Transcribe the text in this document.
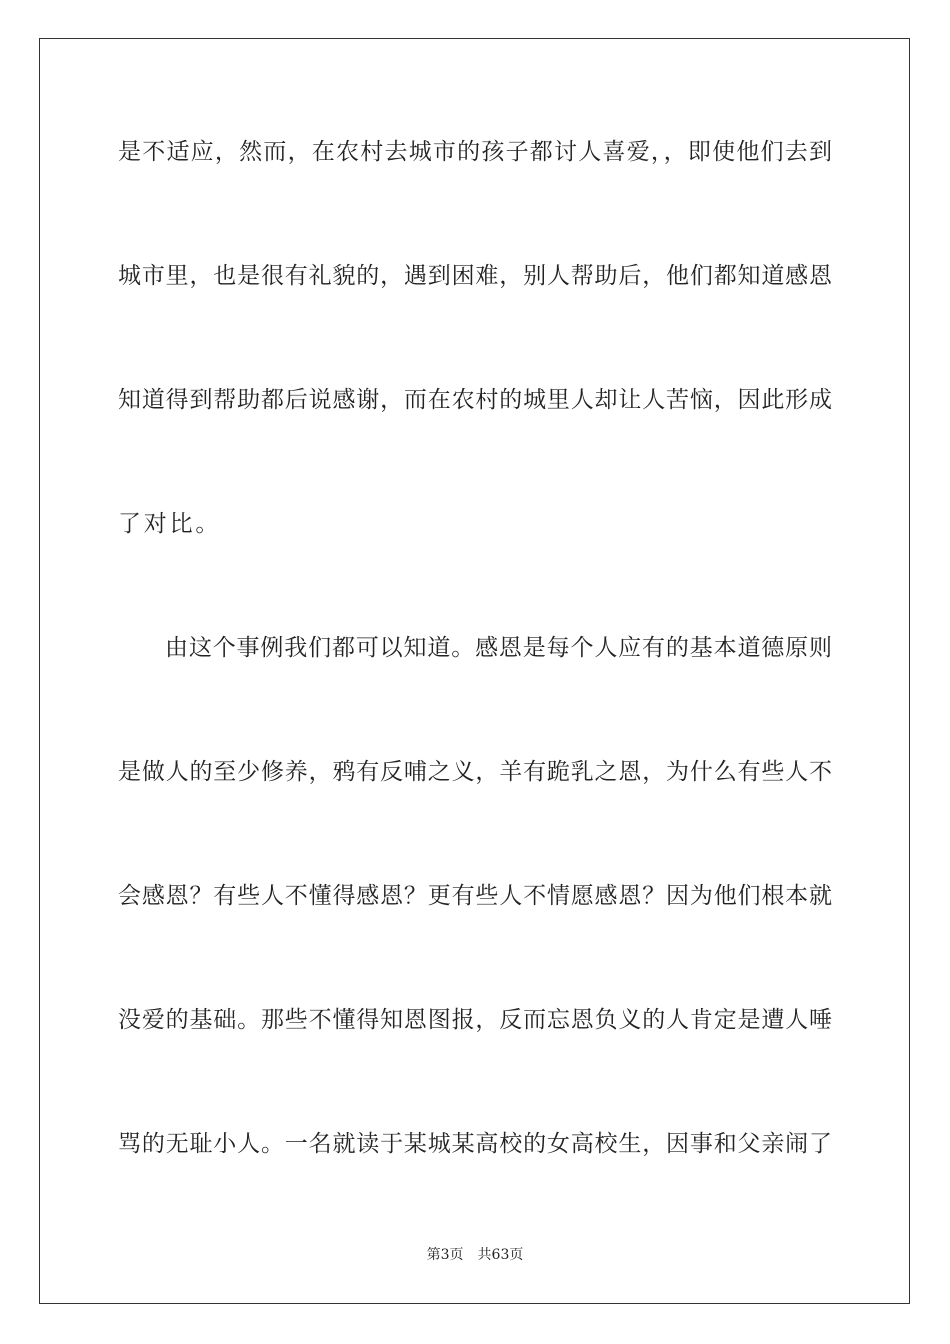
是不适应，然而，在农村去城市的孩子都讨人喜爱，，即使他们去到
城市里，也是很有礼貌的，遇到困难，别人帮助后，他们都知道感恩
知道得到帮助都后说感谢，而在农村的城里人却让人苦恼，因此形成
了对比。
由这个事例我们都可以知道。感恩是每个人应有的基本道德原则
是做人的至少修养，鸦有反哺之义，羊有跪乳之恩，为什么有些人不
会感恩？有些人不懂得感恩？更有些人不情愿感恩？因为他们根本就
没爱的基础。那些不懂得知恩图报，反而忘恩负义的人肯定是遭人唾
骂的无耻小人。一名就读于某城某高校的女高校生，因事和父亲闹了
第3页 共63页
